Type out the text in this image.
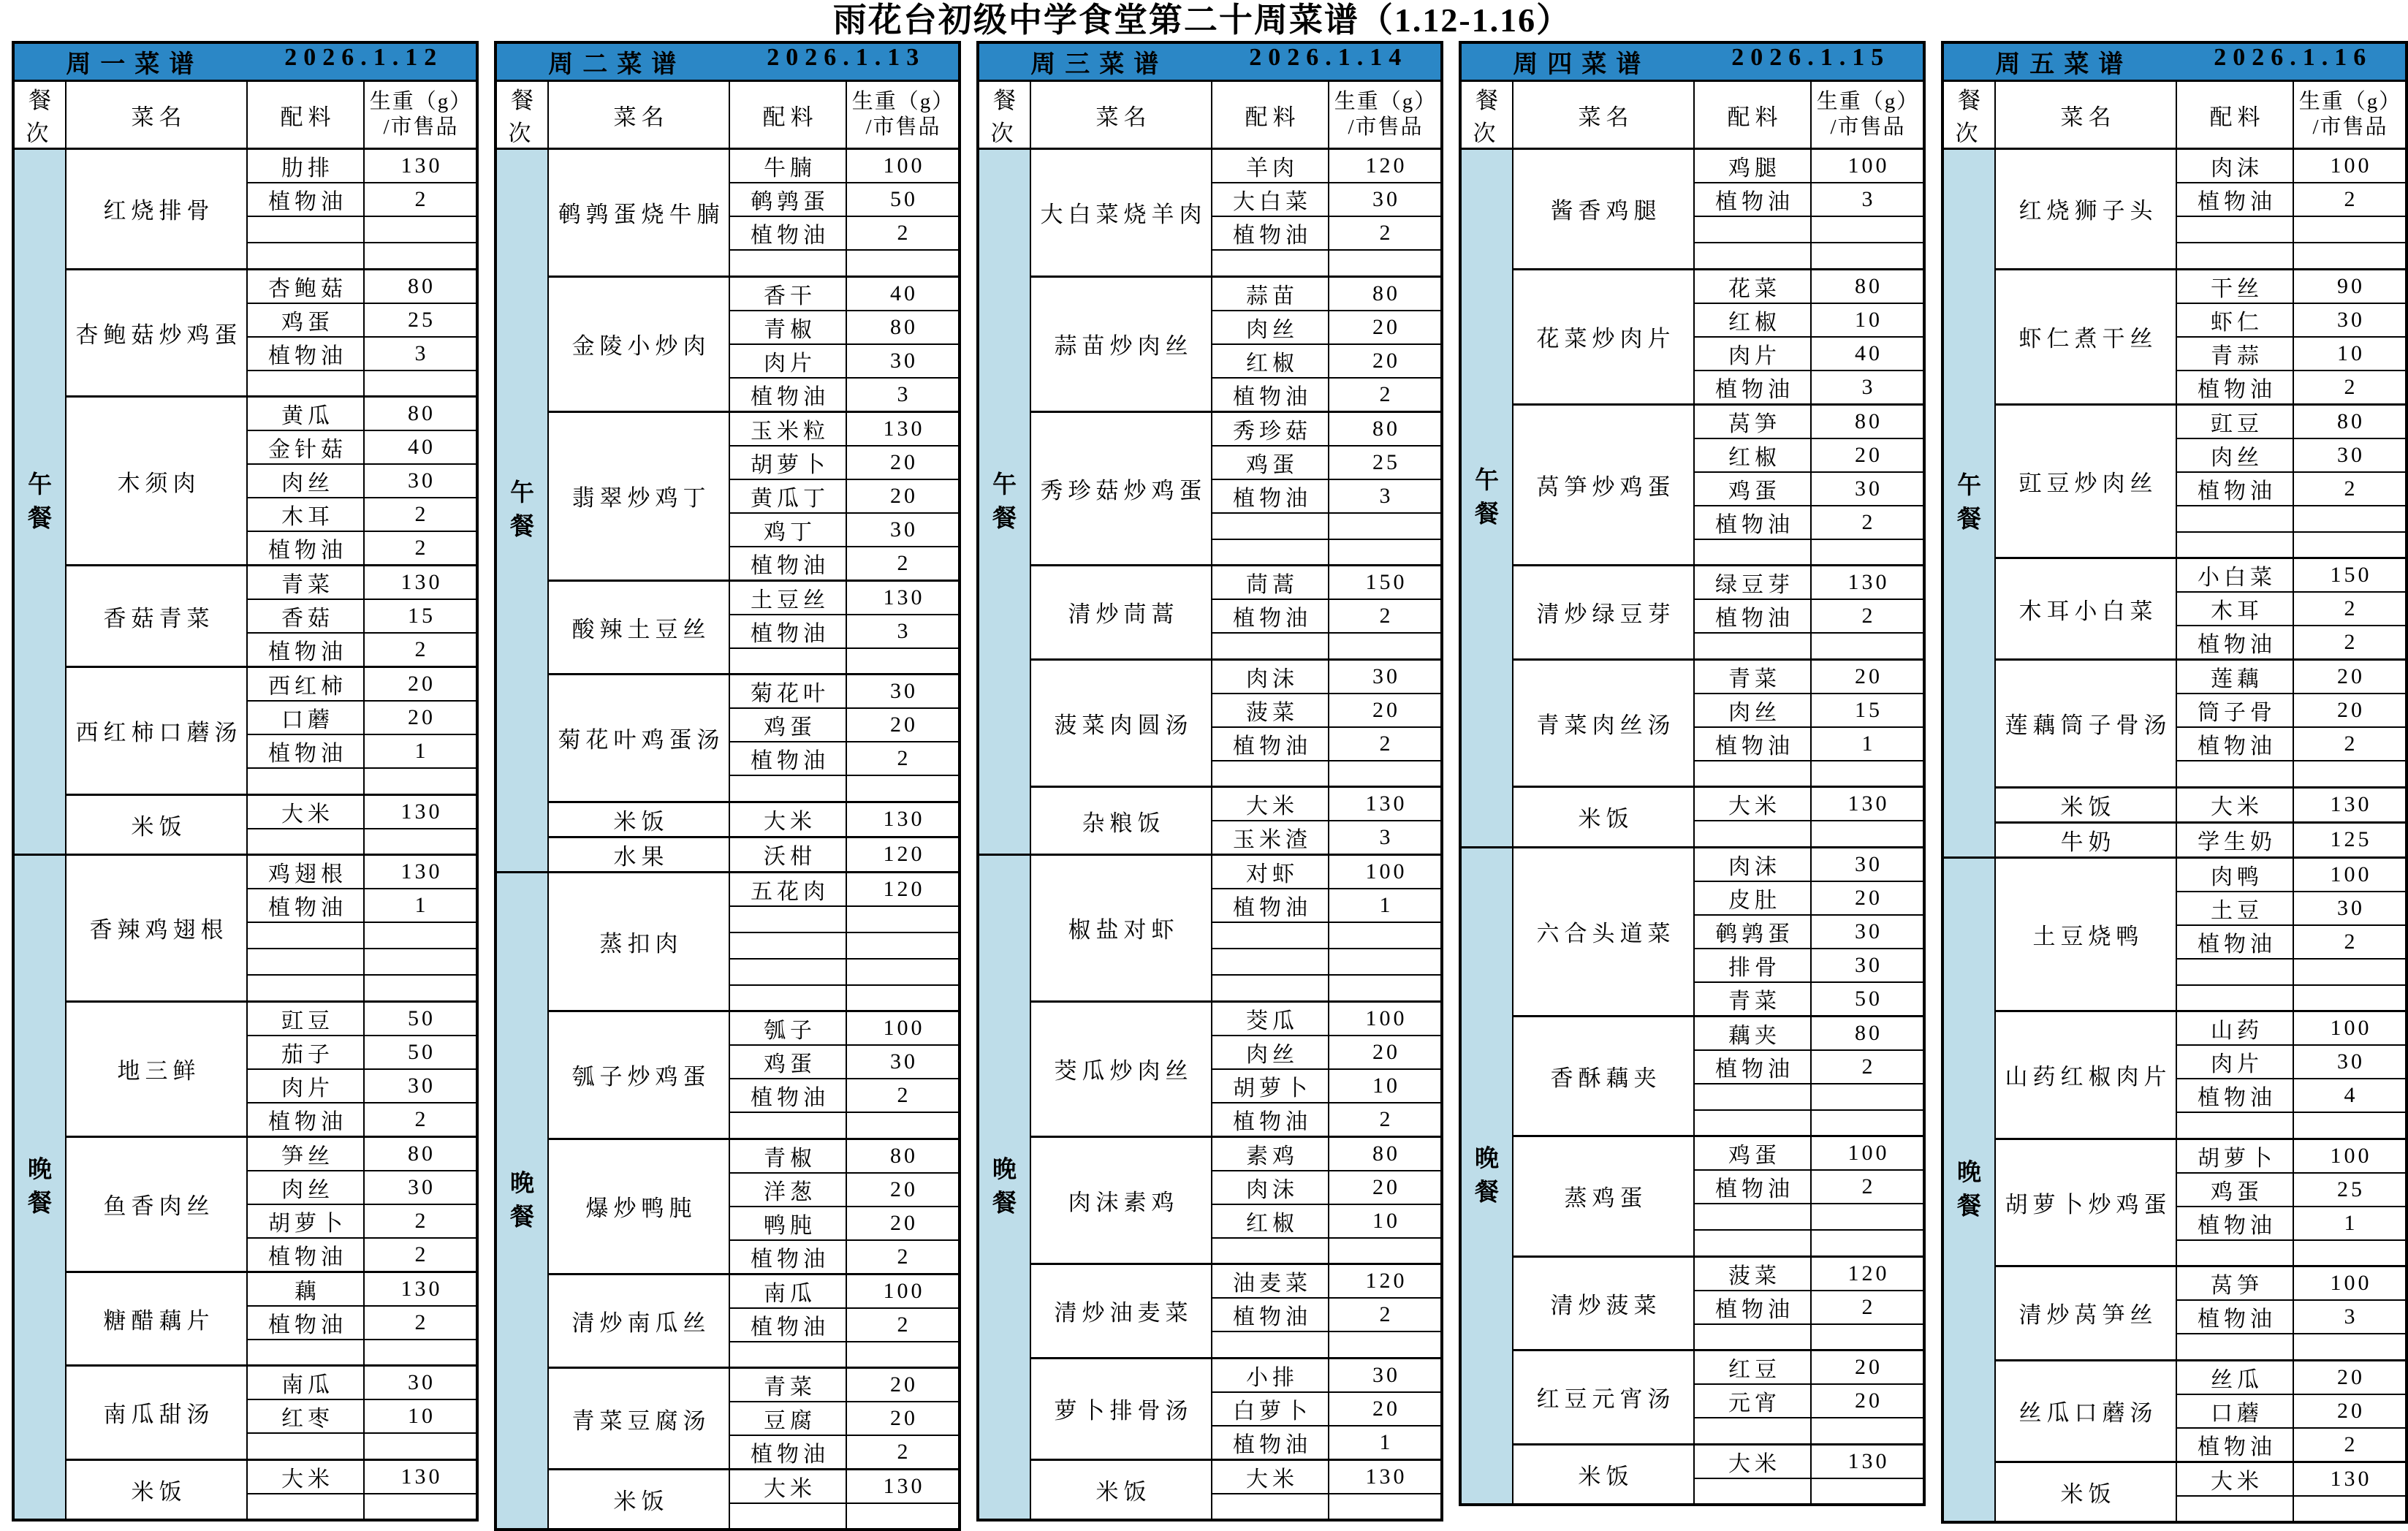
雨花台初级中学食堂第二十周菜谱（1.12-1.16）
周一菜谱 2026.1.12			

餐次	菜名	配料	生重（g）
/市售品

午
餐	红烧排骨	肋排	130
		植物油	2

	杏鲍菇炒鸡蛋	杏鲍菇	80
		鸡蛋	25
		植物油	3

	木须肉	黄瓜	80
		金针菇	40
		肉丝	30
		木耳	2
		植物油	2
	香菇青菜	青菜	130
		香菇	15
		植物油	2
	西红柿口蘑汤	西红柿	20
		口蘑	20
		植物油	1

	米饭	大米	130

晚
餐	香辣鸡翅根	鸡翅根	130
		植物油	1

	地三鲜	豇豆	50
		茄子	50
		肉片	30
		植物油	2
	鱼香肉丝	笋丝	80
		肉丝	30
		胡萝卜	2
		植物油	2
	糖醋藕片	藕	130
		植物油	2

	南瓜甜汤	南瓜	30
		红枣	10

	米饭	大米	130

周二菜谱 2026.1.13			

餐次	菜名	配料	生重（g）
/市售品

午
餐	鹌鹑蛋烧牛腩	牛腩	100
		鹌鹑蛋	50
		植物油	2

	金陵小炒肉	香干	40
		青椒	80
		肉片	30
		植物油	3
	翡翠炒鸡丁	玉米粒	130
		胡萝卜	20
		黄瓜丁	20
		鸡丁	30
		植物油	2
	酸辣土豆丝	土豆丝	130
		植物油	3

	菊花叶鸡蛋汤	菊花叶	30
		鸡蛋	20
		植物油	2

	米饭	大米	130
	水果	沃柑	120

晚
餐	蒸扣肉	五花肉	120

	瓠子炒鸡蛋	瓠子	100
		鸡蛋	30
		植物油	2

	爆炒鸭肫	青椒	80
		洋葱	20
		鸭肫	20
		植物油	2
	清炒南瓜丝	南瓜	100
		植物油	2

	青菜豆腐汤	青菜	20
		豆腐	20
		植物油	2
	米饭	大米	130

周三菜谱 2026.1.14			

餐次	菜名	配料	生重（g）
/市售品

午
餐	大白菜烧羊肉	羊肉	120
		大白菜	30
		植物油	2

	蒜苗炒肉丝	蒜苗	80
		肉丝	20
		红椒	20
		植物油	2
	秀珍菇炒鸡蛋	秀珍菇	80
		鸡蛋	25
		植物油	3

	清炒茼蒿	茼蒿	150
		植物油	2

	菠菜肉圆汤	肉沫	30
		菠菜	20
		植物油	2

	杂粮饭	大米	130
		玉米渣	3

晚
餐	椒盐对虾	对虾	100
		植物油	1

	茭瓜炒肉丝	茭瓜	100
		肉丝	20
		胡萝卜	10
		植物油	2
	肉沫素鸡	素鸡	80
		肉沫	20
		红椒	10

	清炒油麦菜	油麦菜	120
		植物油	2

	萝卜排骨汤	小排	30
		白萝卜	20
		植物油	1
	米饭	大米	130

周四菜谱 2026.1.15			

餐次	菜名	配料	生重（g）
/市售品

午
餐	酱香鸡腿	鸡腿	100
		植物油	3

	花菜炒肉片	花菜	80
		红椒	10
		肉片	40
		植物油	3
	莴笋炒鸡蛋	莴笋	80
		红椒	20
		鸡蛋	30
		植物油	2

	清炒绿豆芽	绿豆芽	130
		植物油	2

	青菜肉丝汤	青菜	20
		肉丝	15
		植物油	1

	米饭	大米	130

晚
餐	六合头道菜	肉沫	30
		皮肚	20
		鹌鹑蛋	30
		排骨	30
		青菜	50
	香酥藕夹	藕夹	80
		植物油	2

	蒸鸡蛋	鸡蛋	100
		植物油	2

	清炒菠菜	菠菜	120
		植物油	2

	红豆元宵汤	红豆	20
		元宵	20

	米饭	大米	130

周五菜谱 2026.1.16			

餐次	菜名	配料	生重（g）
/市售品

午
餐	红烧狮子头	肉沫	100
		植物油	2

	虾仁煮干丝	干丝	90
		虾仁	30
		青蒜	10
		植物油	2
	豇豆炒肉丝	豇豆	80
		肉丝	30
		植物油	2

	木耳小白菜	小白菜	150
		木耳	2
		植物油	2
	莲藕筒子骨汤	莲藕	20
		筒子骨	20
		植物油	2

	米饭	大米	130
	牛奶	学生奶	125

晚
餐	土豆烧鸭	肉鸭	100
		土豆	30
		植物油	2

	山药红椒肉片	山药	100
		肉片	30
		植物油	4

	胡萝卜炒鸡蛋	胡萝卜	100
		鸡蛋	25
		植物油	1

	清炒莴笋丝	莴笋	100
		植物油	3

	丝瓜口蘑汤	丝瓜	20
		口蘑	20
		植物油	2
	米饭	大米	130
